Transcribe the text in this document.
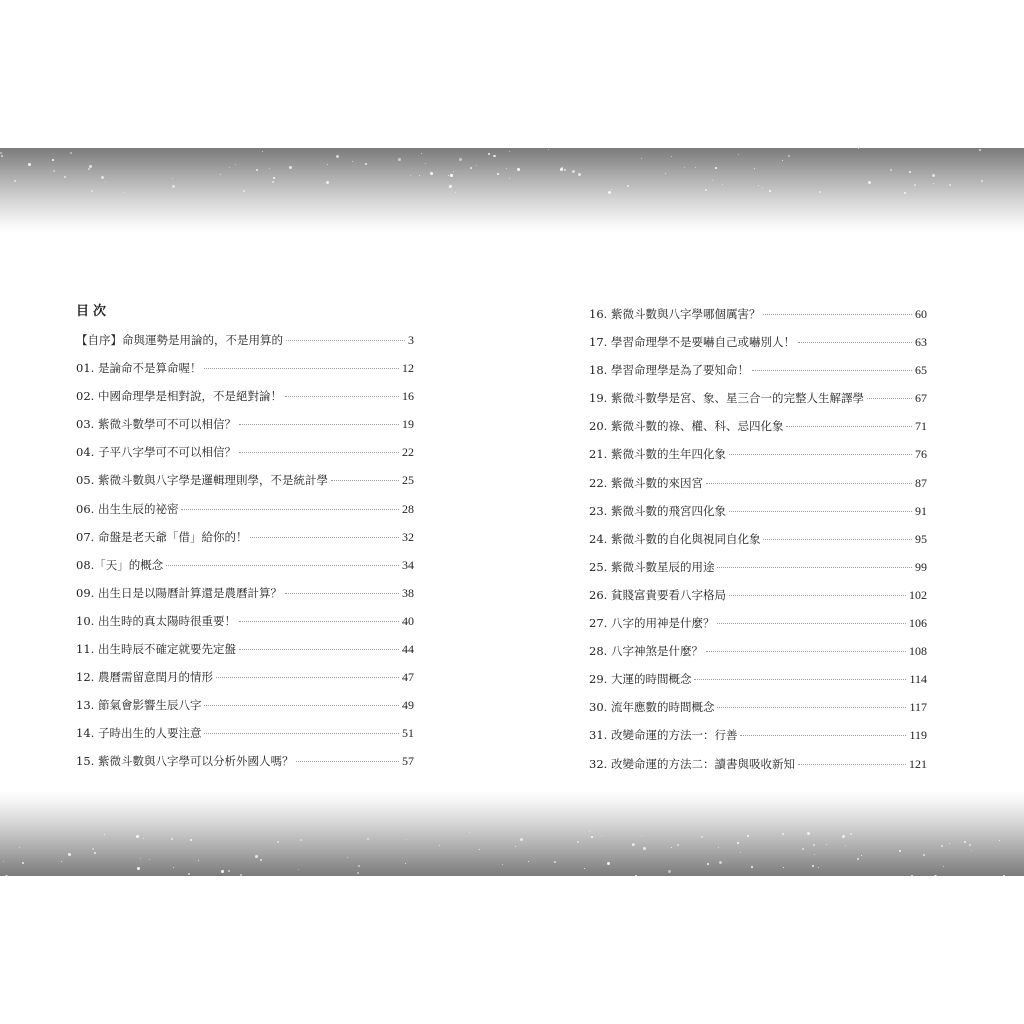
目次
【自序】命與運勢是用論的，不是用算的	3
01. 是論命不是算命喔！	12
02. 中國命理學是相對說，不是絕對論！	16
03. 紫微斗數學可不可以相信？	19
04. 子平八字學可不可以相信？	22
05. 紫微斗數與八字學是邏輯理則學，不是統計學	25
06. 出生生辰的祕密	28
07. 命盤是老天爺「借」給你的！	32
08.「天」的概念	34
09. 出生日是以陽曆計算還是農曆計算？	38
10. 出生時的真太陽時很重要！	40
11. 出生時辰不確定就要先定盤	44
12. 農曆需留意閏月的情形	47
13. 節氣會影響生辰八字	49
14. 子時出生的人要注意	51
15. 紫微斗數與八字學可以分析外國人嗎？	57
16. 紫微斗數與八字學哪個厲害？	60
17. 學習命理學不是要嚇自己或嚇別人！	63
18. 學習命理學是為了要知命！	65
19. 紫微斗數學是宮、象、星三合一的完整人生解譯學	67
20. 紫微斗數的祿、權、科、忌四化象	71
21. 紫微斗數的生年四化象	76
22. 紫微斗數的來因宮	87
23. 紫微斗數的飛宮四化象	91
24. 紫微斗數的自化與視同自化象	95
25. 紫微斗數星辰的用途	99
26. 貧賤富貴要看八字格局	102
27. 八字的用神是什麼？	106
28. 八字神煞是什麼？	108
29. 大運的時間概念	114
30. 流年應數的時間概念	117
31. 改變命運的方法一：行善	119
32. 改變命運的方法二：讀書與吸收新知	121
